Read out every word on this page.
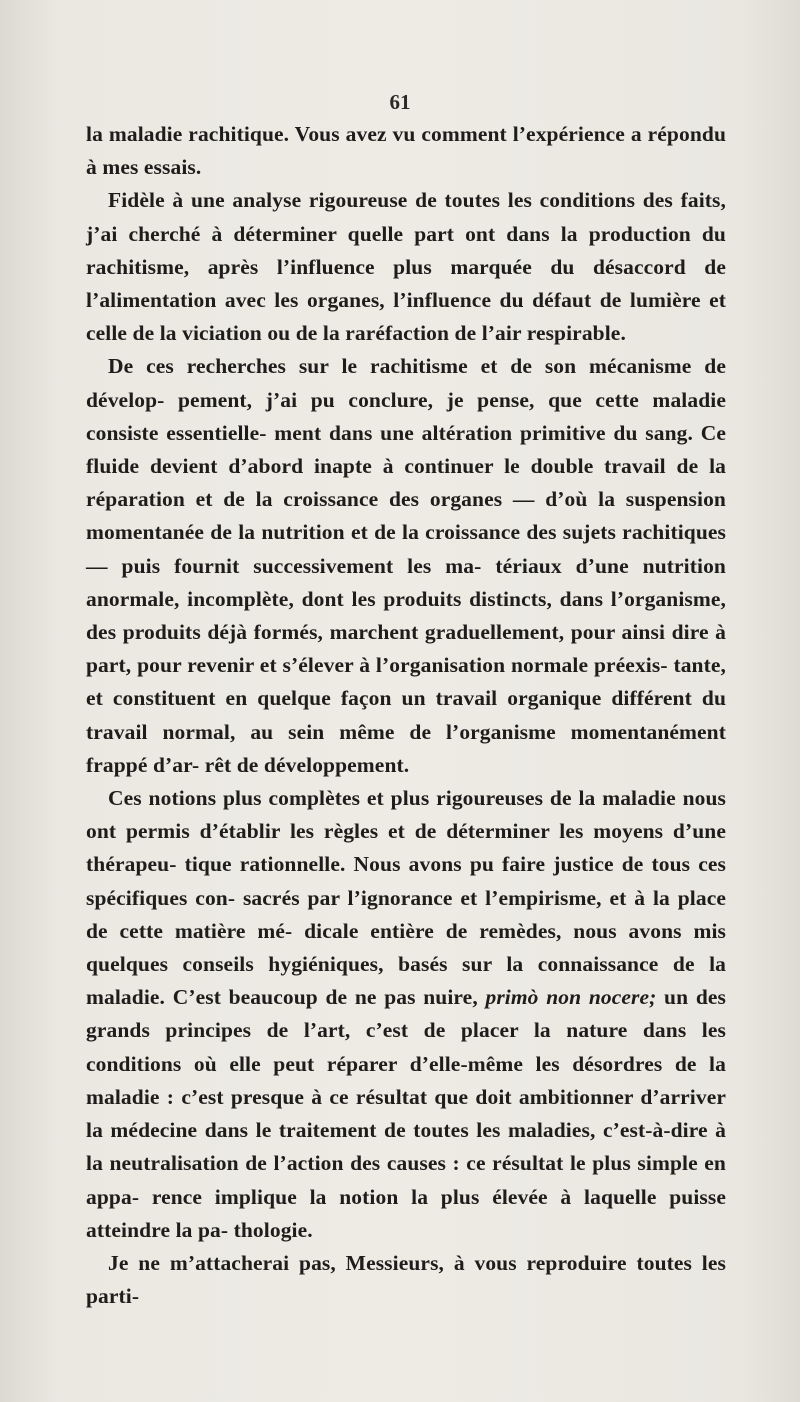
61

la maladie rachitique. Vous avez vu comment l’expérience a répondu à mes essais.

Fidèle à une analyse rigoureuse de toutes les conditions des faits, j’ai cherché à déterminer quelle part ont dans la production du rachitisme, après l’influence plus marquée du désaccord de l’alimentation avec les organes, l’influence du défaut de lumière et celle de la viciation ou de la raréfaction de l’air respirable.

De ces recherches sur le rachitisme et de son mécanisme de dévelop- pement, j’ai pu conclure, je pense, que cette maladie consiste essentielle- ment dans une altération primitive du sang. Ce fluide devient d’abord inapte à continuer le double travail de la réparation et de la croissance des organes — d’où la suspension momentanée de la nutrition et de la croissance des sujets rachitiques — puis fournit successivement les ma- tériaux d’une nutrition anormale, incomplète, dont les produits distincts, dans l’organisme, des produits déjà formés, marchent graduellement, pour ainsi dire à part, pour revenir et s’élever à l’organisation normale préexis- tante, et constituent en quelque façon un travail organique différent du travail normal, au sein même de l’organisme momentanément frappé d’ar- rêt de développement.

Ces notions plus complètes et plus rigoureuses de la maladie nous ont permis d’établir les règles et de déterminer les moyens d’une thérapeu- tique rationnelle. Nous avons pu faire justice de tous ces spécifiques con- sacrés par l’ignorance et l’empirisme, et à la place de cette matière mé- dicale entière de remèdes, nous avons mis quelques conseils hygiéniques, basés sur la connaissance de la maladie. C’est beaucoup de ne pas nuire, primò non nocere; un des grands principes de l’art, c’est de placer la nature dans les conditions où elle peut réparer d’elle-même les désordres de la maladie : c’est presque à ce résultat que doit ambitionner d’arriver la médecine dans le traitement de toutes les maladies, c’est-à-dire à la neutralisation de l’action des causes : ce résultat le plus simple en appa- rence implique la notion la plus élevée à laquelle puisse atteindre la pa- thologie.

Je ne m’attacherai pas, Messieurs, à vous reproduire toutes les parti-
